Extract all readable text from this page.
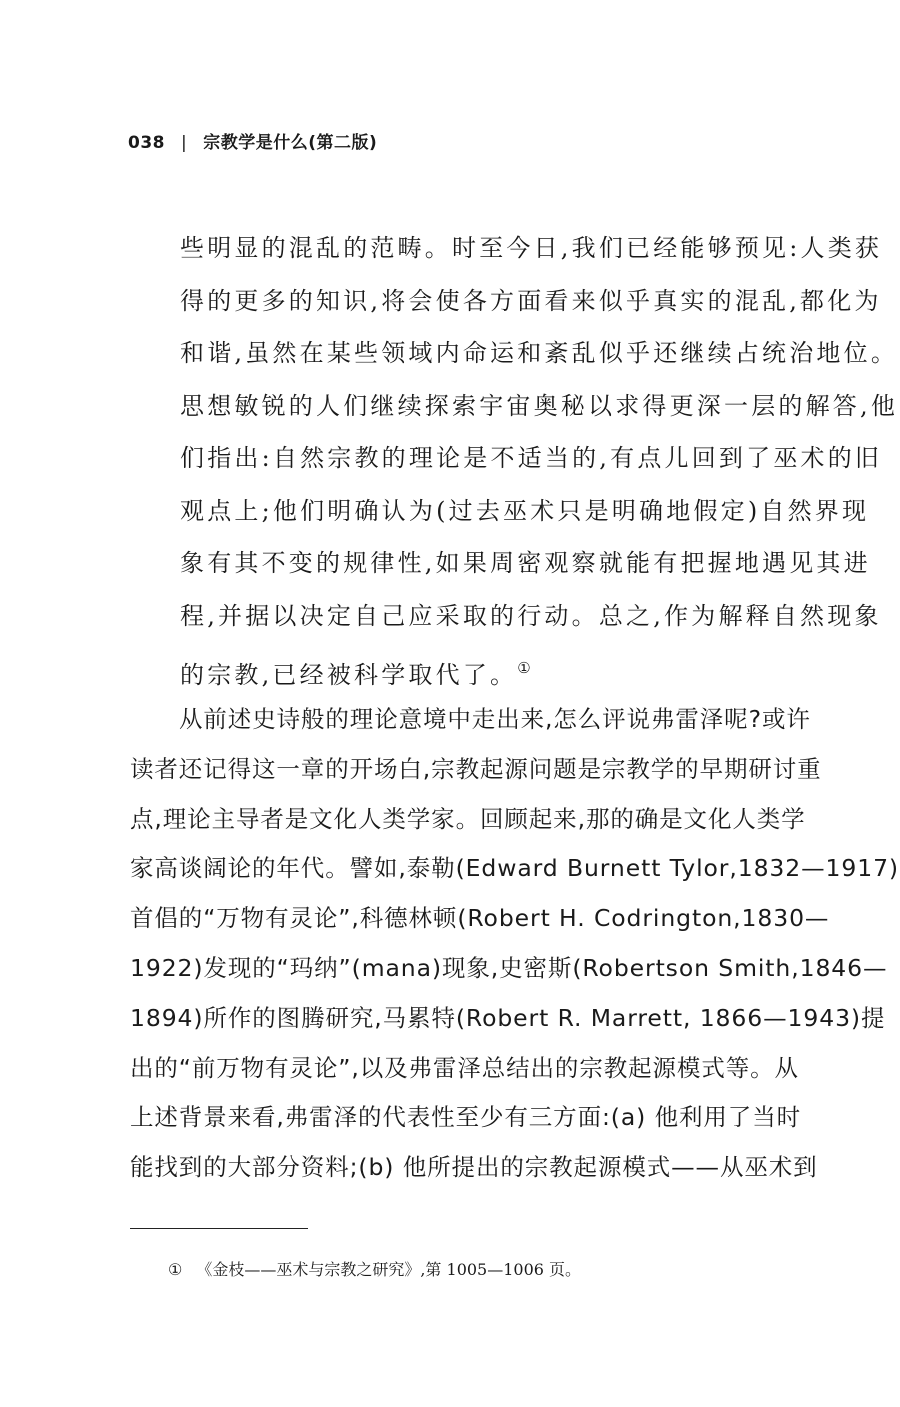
038 | 宗教学是什么(第二版)
些明显的混乱的范畴。时至今日,我们已经能够预见:人类获
得的更多的知识,将会使各方面看来似乎真实的混乱,都化为
和谐,虽然在某些领域内命运和紊乱似乎还继续占统治地位。
思想敏锐的人们继续探索宇宙奥秘以求得更深一层的解答,他
们指出:自然宗教的理论是不适当的,有点儿回到了巫术的旧
观点上;他们明确认为(过去巫术只是明确地假定)自然界现
象有其不变的规律性,如果周密观察就能有把握地遇见其进
程,并据以决定自己应采取的行动。总之,作为解释自然现象
的宗教,已经被科学取代了。①
从前述史诗般的理论意境中走出来,怎么评说弗雷泽呢?或许
读者还记得这一章的开场白,宗教起源问题是宗教学的早期研讨重
点,理论主导者是文化人类学家。回顾起来,那的确是文化人类学
家高谈阔论的年代。譬如,泰勒(Edward Burnett Tylor,1832—1917)
首倡的“万物有灵论”,科德林顿(Robert H. Codrington,1830—
1922)发现的“玛纳”(mana)现象,史密斯(Robertson Smith,1846—
1894)所作的图腾研究,马累特(Robert R. Marrett, 1866—1943)提
出的“前万物有灵论”,以及弗雷泽总结出的宗教起源模式等。从
上述背景来看,弗雷泽的代表性至少有三方面:(a) 他利用了当时
能找到的大部分资料;(b) 他所提出的宗教起源模式——从巫术到
① 《金枝——巫术与宗教之研究》,第 1005—1006 页。
